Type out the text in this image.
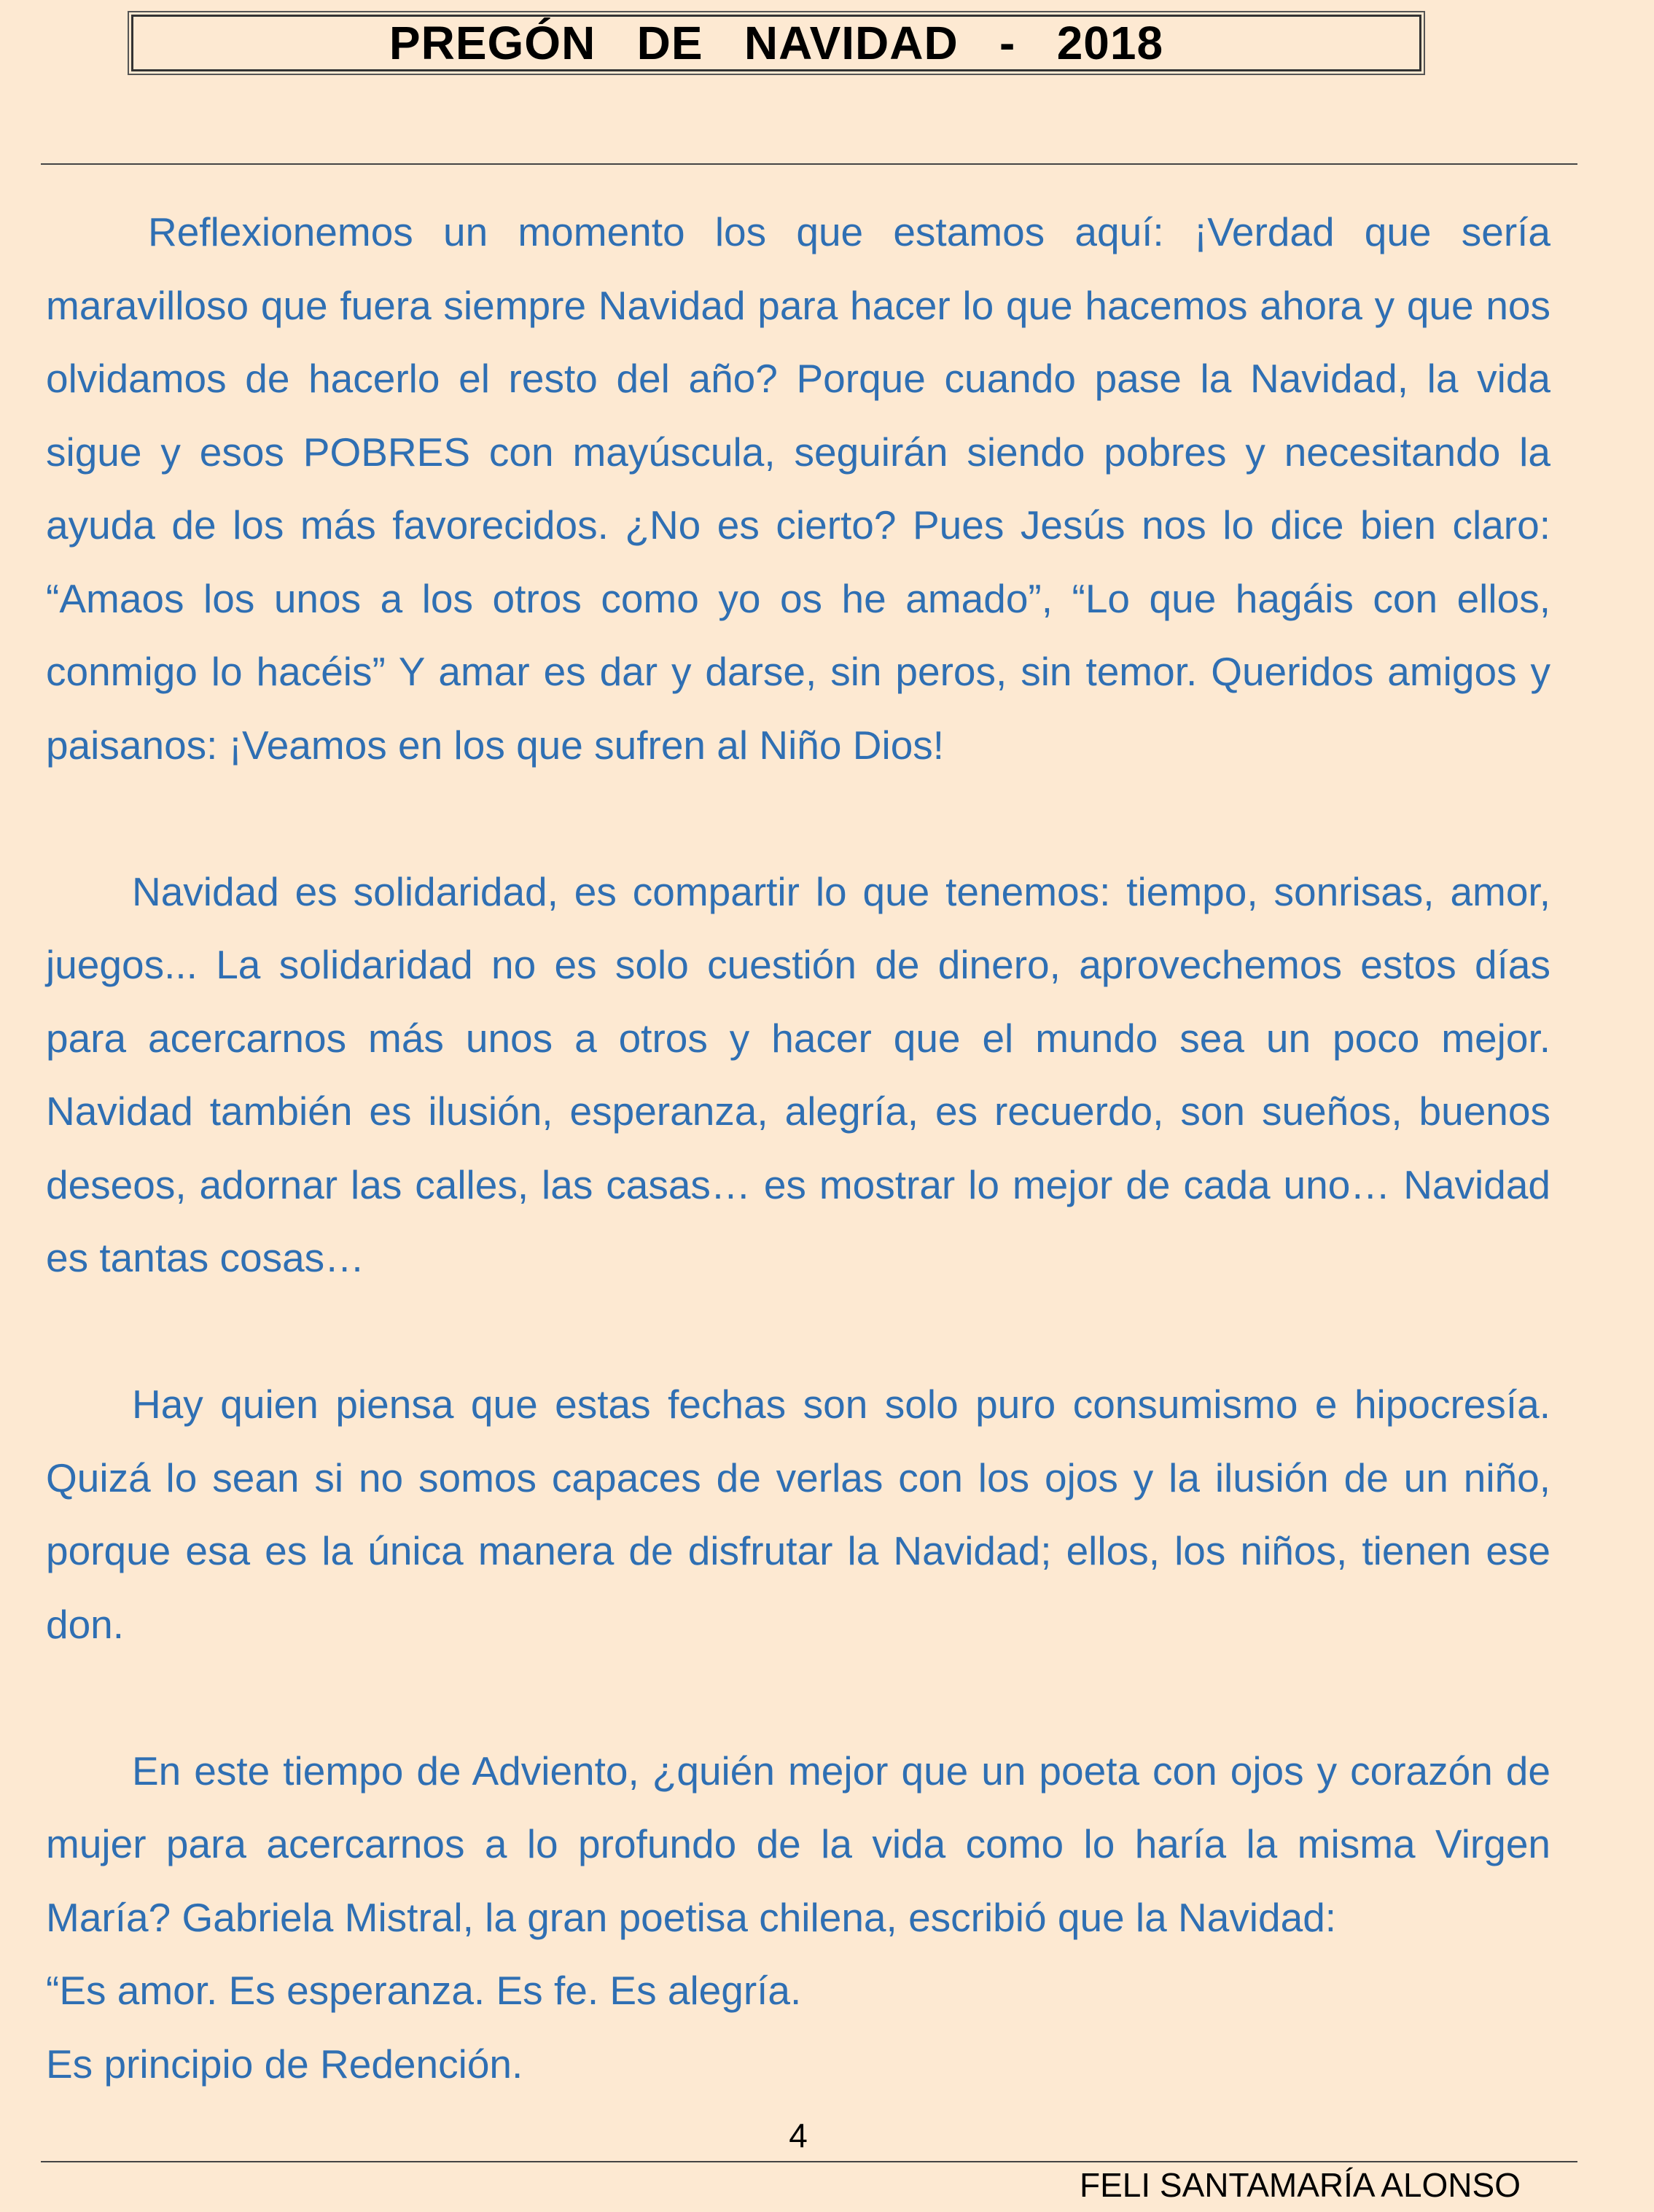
PREGÓN   DE   NAVIDAD   -   2018

Reflexionemos un momento los que estamos aquí: ¡Verdad que sería maravilloso que fuera siempre Navidad para hacer lo que hacemos ahora y que nos olvidamos de hacerlo el resto del año? Porque cuando pase la Navidad, la vida sigue y esos POBRES con mayúscula, seguirán siendo pobres y necesitando la ayuda de los más favorecidos. ¿No es cierto? Pues Jesús nos lo dice bien claro: “Amaos los unos a los otros como yo os he amado”, “Lo que hagáis con ellos, conmigo lo hacéis” Y amar es dar y darse, sin peros, sin temor. Queridos amigos y paisanos: ¡Veamos en los que sufren al Niño Dios!

Navidad es solidaridad, es compartir lo que tenemos: tiempo, sonrisas, amor, juegos... La solidaridad no es solo cuestión de dinero, aprovechemos estos días para acercarnos más unos a otros y hacer que el mundo sea un poco mejor. Navidad también es ilusión, esperanza, alegría, es recuerdo, son sueños, buenos deseos, adornar las calles, las casas… es mostrar lo mejor de cada uno… Navidad es tantas cosas…

Hay quien piensa que estas fechas son solo puro consumismo e hipocresía. Quizá lo sean si no somos capaces de verlas con los ojos y la ilusión de un niño, porque esa es la única manera de disfrutar la Navidad; ellos, los niños, tienen ese don.

En este tiempo de Adviento, ¿quién mejor que un poeta con ojos y corazón de mujer para acercarnos a lo profundo de la vida como lo haría la misma Virgen María? Gabriela Mistral, la gran poetisa chilena, escribió que la Navidad:

“Es amor. Es esperanza. Es fe. Es alegría.

Es principio de Redención.

4
FELI SANTAMARÍA ALONSO
